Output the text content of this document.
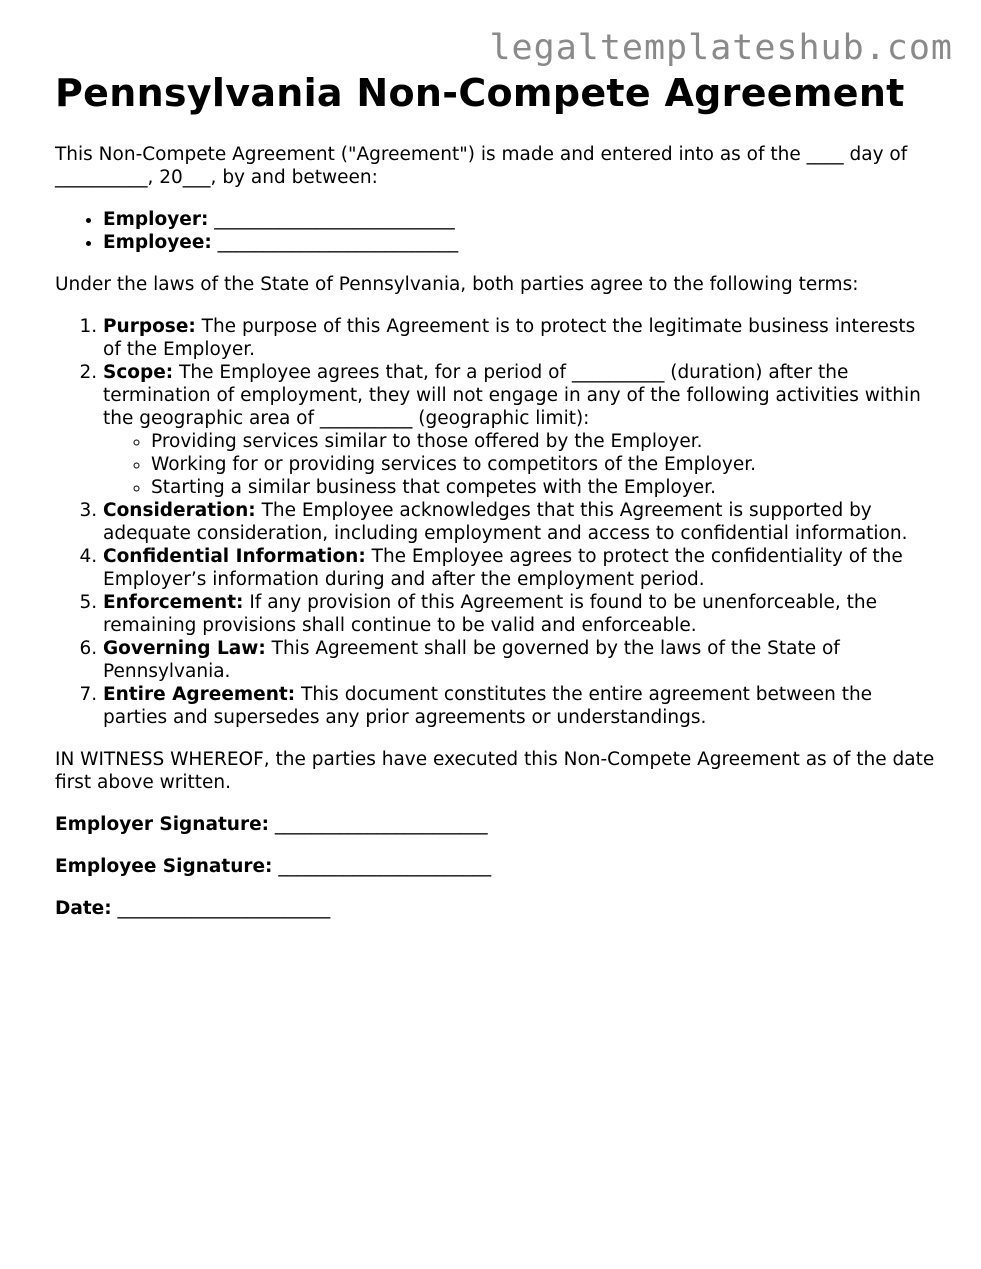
legaltemplateshub.com
Pennsylvania Non-Compete Agreement

This Non-Compete Agreement ("Agreement") is made and entered into as of the ____ day of __________, 20___, by and between:

• Employer: __________________________
• Employee: __________________________

Under the laws of the State of Pennsylvania, both parties agree to the following terms:

1. Purpose: The purpose of this Agreement is to protect the legitimate business interests of the Employer.
2. Scope: The Employee agrees that, for a period of __________ (duration) after the termination of employment, they will not engage in any of the following activities within the geographic area of __________ (geographic limit):
◦ Providing services similar to those offered by the Employer.
◦ Working for or providing services to competitors of the Employer.
◦ Starting a similar business that competes with the Employer.
3. Consideration: The Employee acknowledges that this Agreement is supported by adequate consideration, including employment and access to confidential information.
4. Confidential Information: The Employee agrees to protect the confidentiality of the Employer’s information during and after the employment period.
5. Enforcement: If any provision of this Agreement is found to be unenforceable, the remaining provisions shall continue to be valid and enforceable.
6. Governing Law: This Agreement shall be governed by the laws of the State of Pennsylvania.
7. Entire Agreement: This document constitutes the entire agreement between the parties and supersedes any prior agreements or understandings.

IN WITNESS WHEREOF, the parties have executed this Non-Compete Agreement as of the date first above written.

Employer Signature: _______________________
Employee Signature: _______________________
Date: _______________________
